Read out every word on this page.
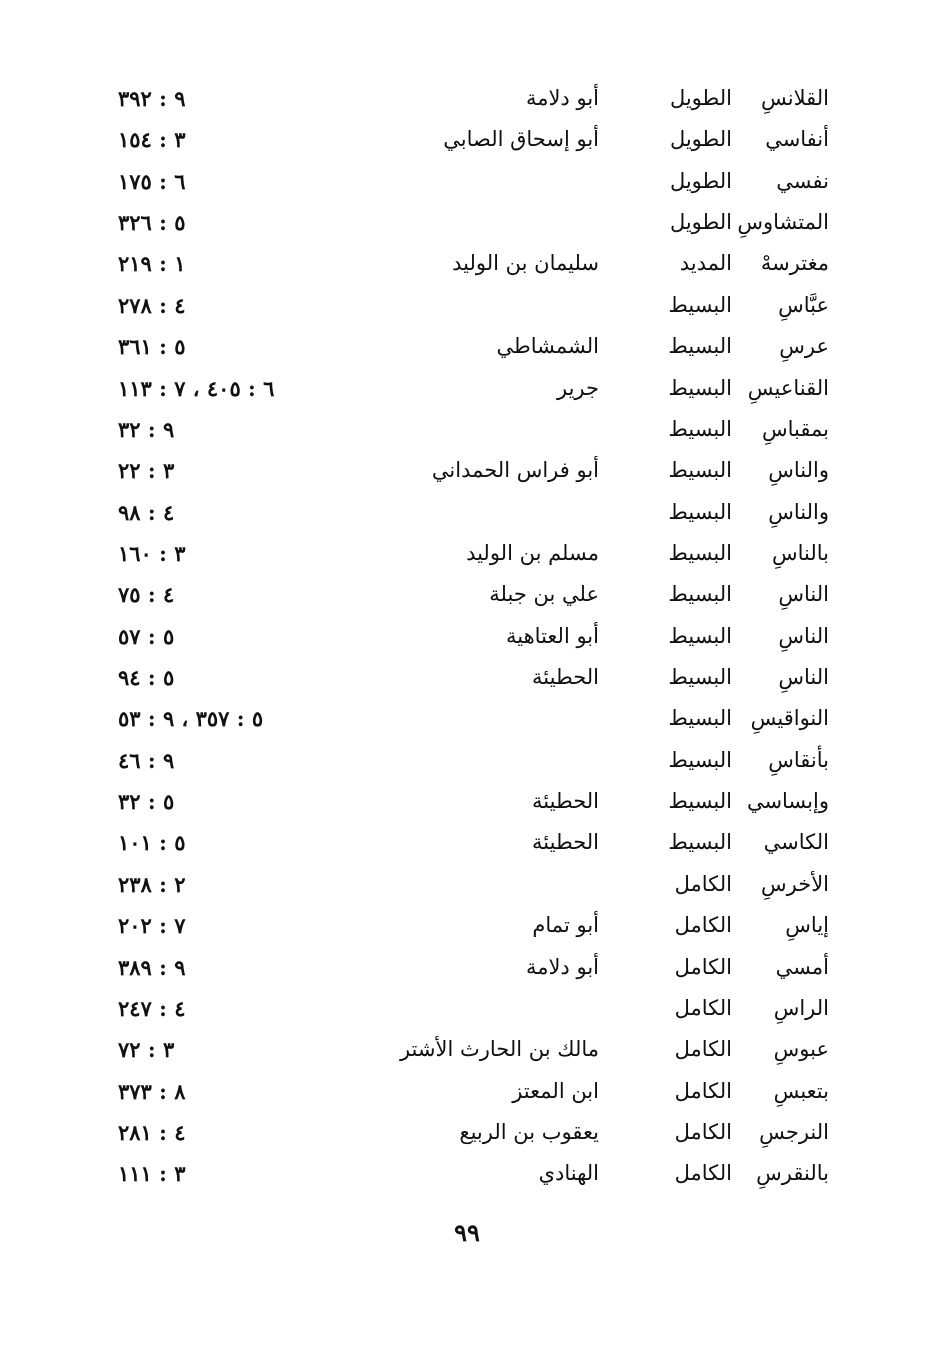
القلانسِ
الطويل
أبو دلامة
٩ : ٣٩٢
أنفاسي
الطويل
أبو إسحاق الصابي
٣ : ١٥٤
نفسي
الطويل
٦ : ١٧٥
المتشاوسِ
الطويل
٥ : ٣٢٦
مغترسهْ
المديد
سليمان بن الوليد
١ : ٢١٩
عبَّاسِ
البسيط
٤ : ٢٧٨
عرسِ
البسيط
الشمشاطي
٥ : ٣٦١
القناعيسِ
البسيط
جرير
٦ : ٤٠٥ ، ٧ : ١١٣
بمقباسِ
البسيط
٩ : ٣٢
والناسِ
البسيط
أبو فراس الحمداني
٣ : ٢٢
والناسِ
البسيط
٤ : ٩٨
بالناسِ
البسيط
مسلم بن الوليد
٣ : ١٦٠
الناسِ
البسيط
علي بن جبلة
٤ : ٧٥
الناسِ
البسيط
أبو العتاهية
٥ : ٥٧
الناسِ
البسيط
الحطيئة
٥ : ٩٤
النواقيسِ
البسيط
٥ : ٣٥٧ ، ٩ : ٥٣
بأنقاسِ
البسيط
٩ : ٤٦
وإبساسي
البسيط
الحطيئة
٥ : ٣٢
الكاسي
البسيط
الحطيئة
٥ : ١٠١
الأخرسِ
الكامل
٢ : ٢٣٨
إياسِ
الكامل
أبو تمام
٧ : ٢٠٢
أمسي
الكامل
أبو دلامة
٩ : ٣٨٩
الراسِ
الكامل
٤ : ٢٤٧
عبوسِ
الكامل
مالك بن الحارث الأشتر
٣ : ٧٢
بتعبسِ
الكامل
ابن المعتز
٨ : ٣٧٣
النرجسِ
الكامل
يعقوب بن الربيع
٤ : ٢٨١
بالنقرسِ
الكامل
الهنادي
٣ : ١١١
٩٩
